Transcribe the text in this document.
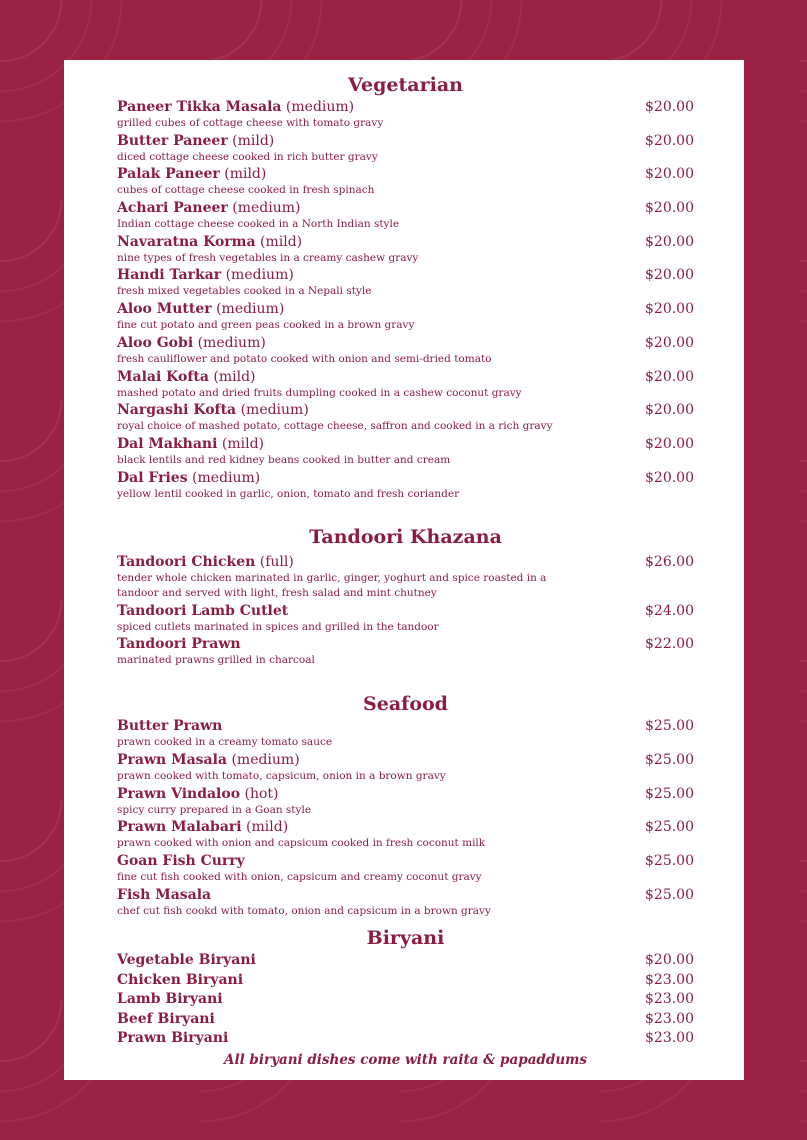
Vegetarian
Paneer Tikka Masala (medium)	$20.00
grilled cubes of cottage cheese with tomato gravy
Butter Paneer (mild)	$20.00
diced cottage cheese cooked in rich butter gravy
Palak Paneer (mild)	$20.00
cubes of cottage cheese cooked in fresh spinach
Achari Paneer (medium)	$20.00
Indian cottage cheese cooked in a North Indian style
Navaratna Korma (mild)	$20.00
nine types of fresh vegetables in a creamy cashew gravy
Handi Tarkar (medium)	$20.00
fresh mixed vegetables cooked in a Nepali style
Aloo Mutter (medium)	$20.00
fine cut potato and green peas cooked in a brown gravy
Aloo Gobi (medium)	$20.00
fresh cauliflower and potato cooked with onion and semi-dried tomato
Malai Kofta (mild)	$20.00
mashed potato and dried fruits dumpling cooked in a cashew coconut gravy
Nargashi Kofta (medium)	$20.00
royal choice of mashed potato, cottage cheese, saffron and cooked in a rich gravy
Dal Makhani (mild)	$20.00
black lentils and red kidney beans cooked in butter and cream
Dal Fries (medium)	$20.00
yellow lentil cooked in garlic, onion, tomato and fresh coriander
Tandoori Khazana
Tandoori Chicken (full)	$26.00
tender whole chicken marinated in garlic, ginger, yoghurt and spice roasted in a
tandoor and served with light, fresh salad and mint chutney
Tandoori Lamb Cutlet	$24.00
spiced cutlets marinated in spices and grilled in the tandoor
Tandoori Prawn	$22.00
marinated prawns grilled in charcoal
Seafood
Butter Prawn	$25.00
prawn cooked in a creamy tomato sauce
Prawn Masala (medium)	$25.00
prawn cooked with tomato, capsicum, onion in a brown gravy
Prawn Vindaloo (hot)	$25.00
spicy curry prepared in a Goan style
Prawn Malabari (mild)	$25.00
prawn cooked with onion and capsicum cooked in fresh coconut milk
Goan Fish Curry	$25.00
fine cut fish cooked with onion, capsicum and creamy coconut gravy
Fish Masala	$25.00
chef cut fish cookd with tomato, onion and capsicum in a brown gravy
Biryani
Vegetable Biryani	$20.00
Chicken Biryani	$23.00
Lamb Biryani	$23.00
Beef Biryani	$23.00
Prawn Biryani	$23.00
All biryani dishes come with raita & papaddums
